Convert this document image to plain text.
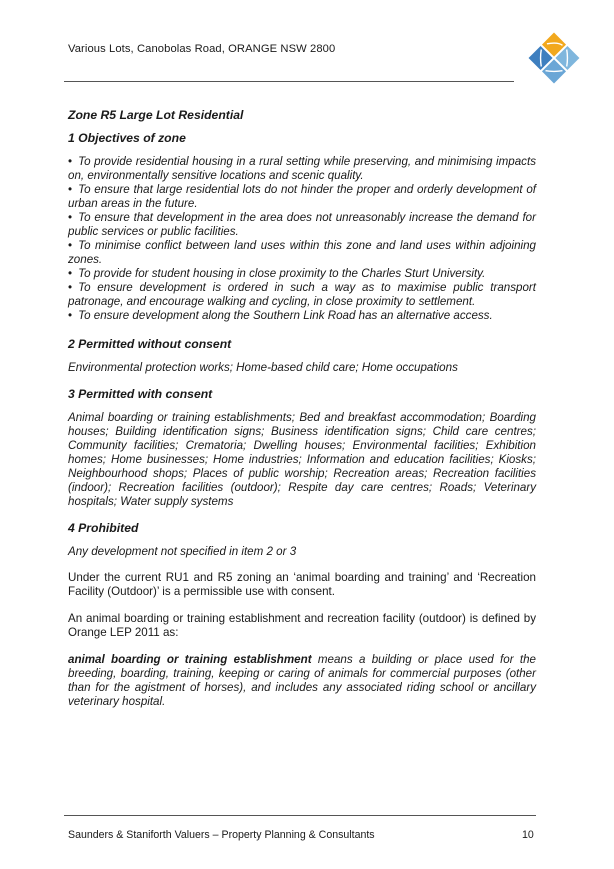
Various Lots, Canobolas Road, ORANGE NSW 2800
Zone R5 Large Lot Residential
1 Objectives of zone
• To provide residential housing in a rural setting while preserving, and minimising impacts on, environmentally sensitive locations and scenic quality.
• To ensure that large residential lots do not hinder the proper and orderly development of urban areas in the future.
• To ensure that development in the area does not unreasonably increase the demand for public services or public facilities.
• To minimise conflict between land uses within this zone and land uses within adjoining zones.
• To provide for student housing in close proximity to the Charles Sturt University.
• To ensure development is ordered in such a way as to maximise public transport patronage, and encourage walking and cycling, in close proximity to settlement.
• To ensure development along the Southern Link Road has an alternative access.
2 Permitted without consent

Environmental protection works; Home-based child care; Home occupations

3 Permitted with consent

Animal boarding or training establishments; Bed and breakfast accommodation; Boarding houses; Building identification signs; Business identification signs; Child care centres; Community facilities; Crematoria; Dwelling houses; Environmental facilities; Exhibition homes; Home businesses; Home industries; Information and education facilities; Kiosks; Neighbourhood shops; Places of public worship; Recreation areas; Recreation facilities (indoor); Recreation facilities (outdoor); Respite day care centres; Roads; Veterinary hospitals; Water supply systems

4 Prohibited

Any development not specified in item 2 or 3

Under the current RU1 and R5 zoning an ‘animal boarding and training’ and ‘Recreation Facility (Outdoor)’ is a permissible use with consent.

An animal boarding or training establishment and recreation facility (outdoor) is defined by Orange LEP 2011 as:

animal boarding or training establishment means a building or place used for the breeding, boarding, training, keeping or caring of animals for commercial purposes (other than for the agistment of horses), and includes any associated riding school or ancillary veterinary hospital.

Saunders & Staniforth Valuers – Property Planning & Consultants	10
